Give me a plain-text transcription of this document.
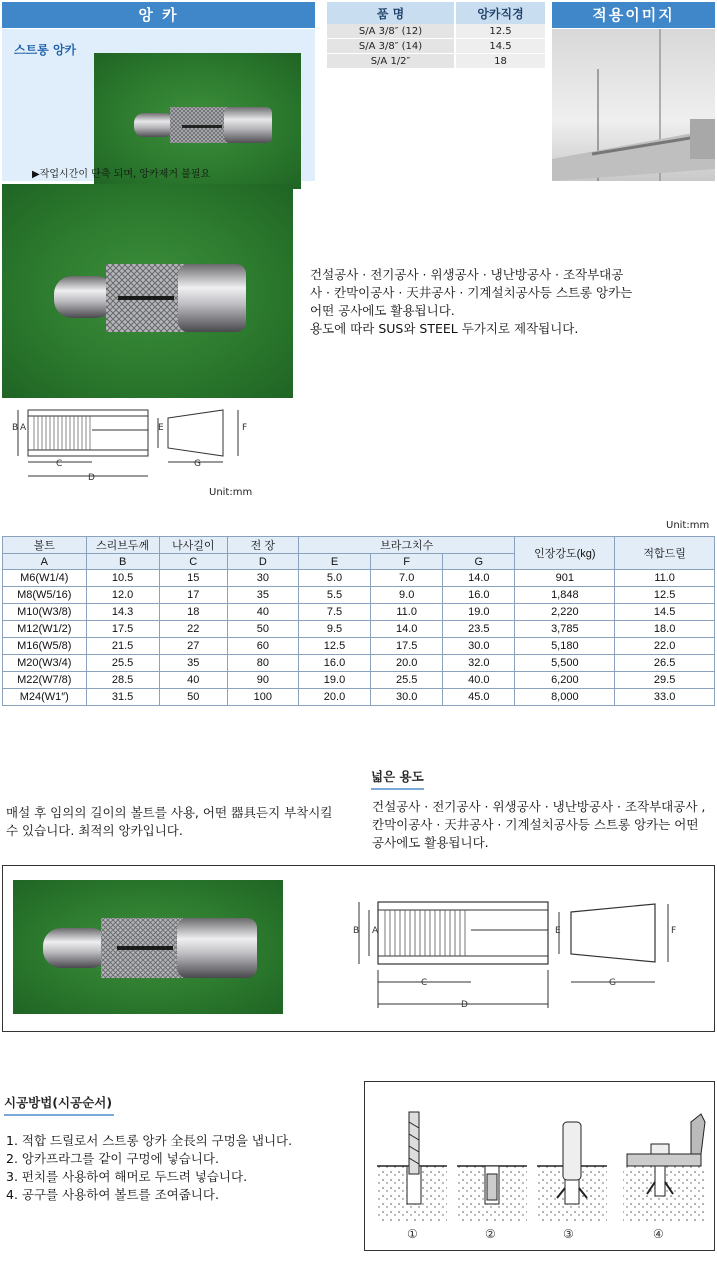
앙 카
스트롱 앙카
▶작업시간이 단축 되며, 앙카제거 불필요
품 명	앙카직경
S/A 3/8″ (12)	12.5
S/A 3/8″ (14)	14.5
S/A 1/2″	18
적용이미지
건설공사 · 전기공사 · 위생공사 · 냉난방공사 · 조작부대공
사 · 칸막이공사 · 天井공사 · 기계설치공사등 스트롱 앙카는
어떤 공사에도 활용됩니다.
용도에 따라 SUS와 STEEL 두가지로 제작됩니다.
B A	E	F
C
D
G
Unit:mm
Unit:mm
볼트	스리브두께	나사길이	전 장	브라그치수			인장강도(kg)	적합드릴
A	B	C	D	E	F	G		
M6(W1/4)	10.5	15	30	5.0	7.0	14.0	901	11.0
M8(W5/16)	12.0	17	35	5.5	9.0	16.0	1,848	12.5
M10(W3/8)	14.3	18	40	7.5	11.0	19.0	2,220	14.5
M12(W1/2)	17.5	22	50	9.5	14.0	23.5	3,785	18.0
M16(W5/8)	21.5	27	60	12.5	17.5	30.0	5,180	22.0
M20(W3/4)	25.5	35	80	16.0	20.0	32.0	5,500	26.5
M22(W7/8)	28.5	40	90	19.0	25.5	40.0	6,200	29.5
M24(W1″)	31.5	50	100	20.0	30.0	45.0	8,000	33.0
넓은 용도
매설 후 임의의 길이의 볼트를 사용, 어떤 器具든지 부착시킬
수 있습니다. 최적의 앙카입니다.
건설공사 · 전기공사 · 위생공사 · 냉난방공사 · 조작부대공사 ,
칸막이공사 · 天井공사 · 기계설치공사등 스트롱 앙카는 어떤
공사에도 활용됩니다.
B A	E	F
C
D
G
시공방법(시공순서)
1. 적합 드릴로서 스트롱 앙카 全長의 구멍을 냅니다.
2. 앙카프라그를 같이 구멍에 넣습니다.
3. 펀치를 사용하여 해머로 두드려 넣습니다.
4. 공구를 사용하여 볼트를 조여줍니다.
①	②	③	④
